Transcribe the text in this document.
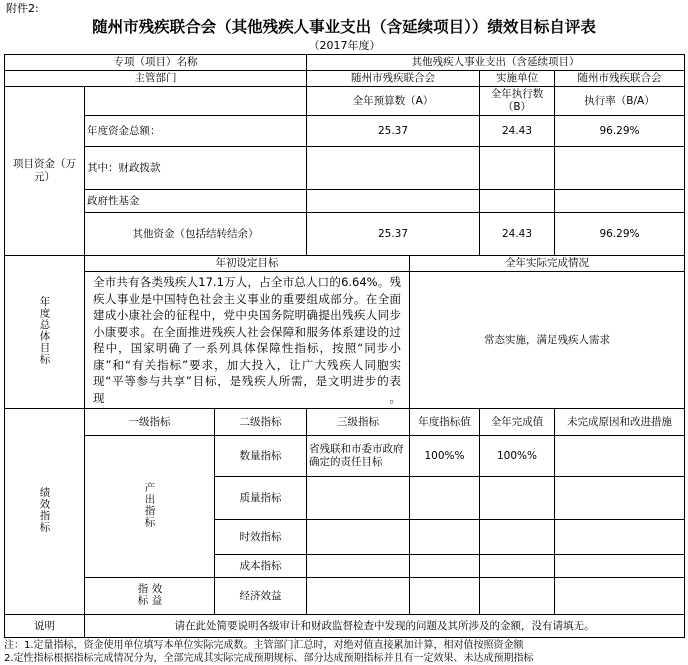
附件2:
随州市残疾联合会（其他残疾人事业支出（含延续项目））绩效目标自评表
（2017年度）						
专项（项目）名称			其他残疾人事业支出（含延续项目）			
主管部门			随州市残疾联合会		实施单位	随州市残疾联合会
项目资金（万元）			全年预算数（A）		全年执行数（B）	执行率（B/A）
	年度资金总额：		25.37		24.43	96.29%
	其中：财政拨款					
	政府性基金					
	其他资金（包括结转结余）		25.37		24.43	96.29%
年度总体目标	年初设定目标			全年实际完成情况		
	全市共有各类残疾人17.1万人，占全市总人口的6.64%。残疾人事业是中国特色社会主义事业的重要组成部分。在全面建成小康社会的征程中，党中央国务院明确提出残疾人同步小康要求。在全面推进残疾人社会保障和服务体系建设的过程中，国家明确了一系列具体保障性指标，按照“同步小康”和“有关指标”要求，加大投入，让广大残疾人同胞实现“平等参与共享”目标，是残疾人所需，是文明进步的表现。			常态实施，满足残疾人需求		
绩效指标	一级指标	二级指标	三级指标	年度指标值	全年完成值	未完成原因和改进措施
	产出指标	数量指标	省残联和市委市政府确定的责任目标	100%%	100%%	
		质量指标				
		时效指标				
		成本指标				
	效益指标	经济效益				
说明	请在此处简要说明各级审计和财政监督检查中发现的问题及其所涉及的金额，没有请填无。					
注：1.定量指标，资金使用单位填写本单位实际完成数。主管部门汇总时，对绝对值直接累加计算，相对值按照资金额
2.定性指标根据指标完成情况分为，全部完成其实际完成预期规标、部分达成预期指标并且有一定效果、未达成预期指标
